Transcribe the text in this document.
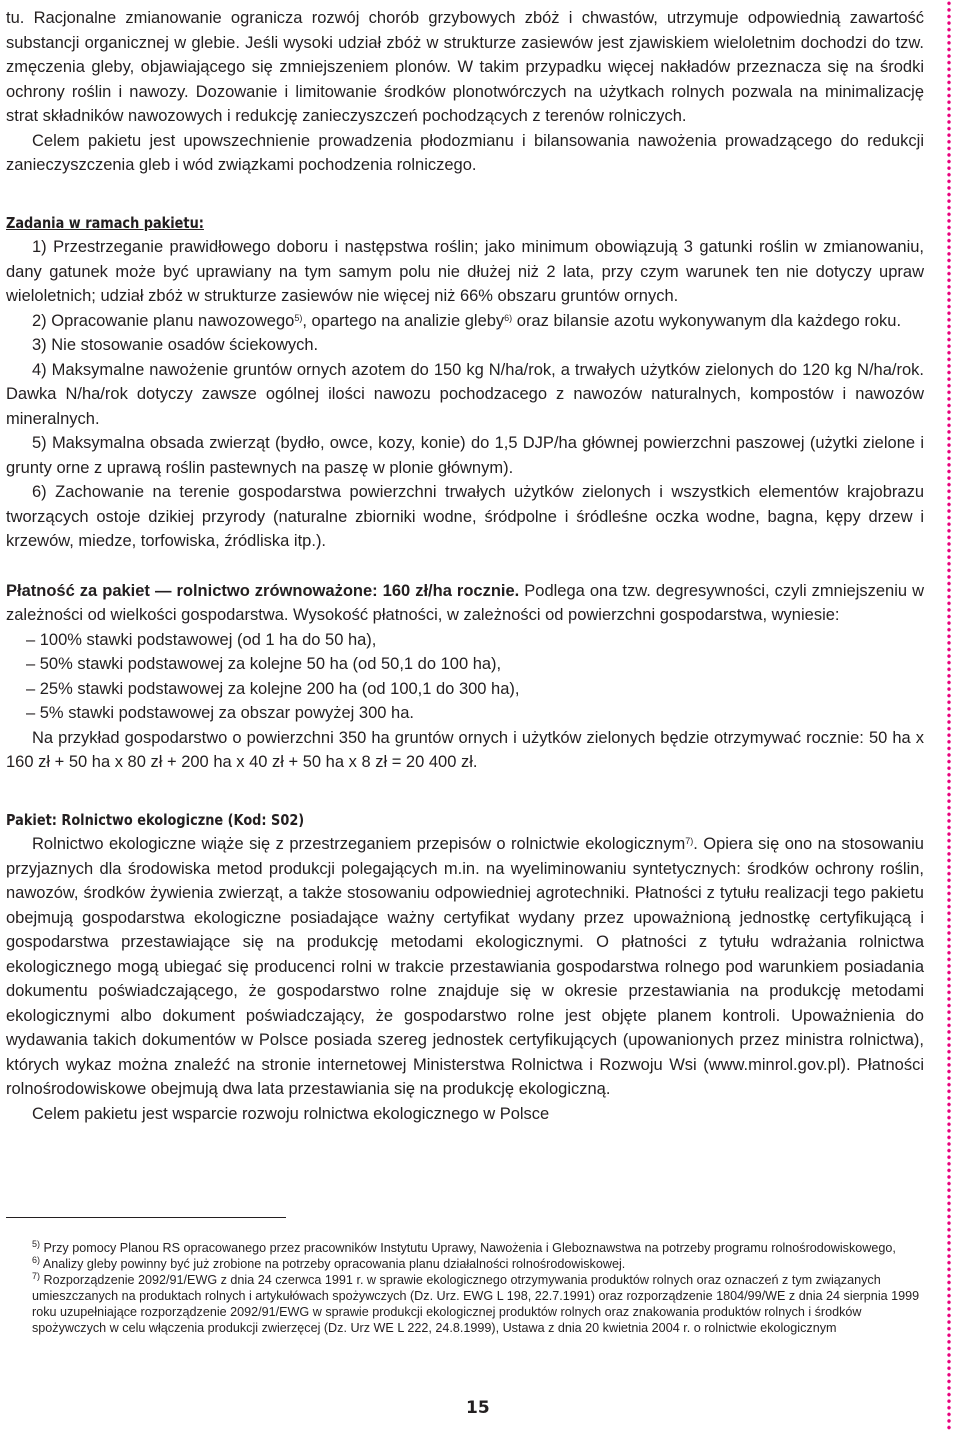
tu. Racjonalne zmianowanie ogranicza rozwój chorób grzybowych zbóż i chwastów, utrzymuje odpowiednią zawartość substancji organicznej w glebie. Jeśli wysoki udział zbóż w strukturze zasiewów jest zjawiskiem wieloletnim dochodzi do tzw. zmęczenia gleby, objawiającego się zmniejszeniem plonów. W takim przypadku więcej nakładów przeznacza się na środki ochrony roślin i nawozy. Dozowanie i limitowanie środków plonotwórczych na użytkach rolnych pozwala na minimalizację strat składników nawozowych i redukcję zanieczyszczeń pochodzących z terenów rolniczych.

Celem pakietu jest upowszechnienie prowadzenia płodozmianu i bilansowania nawożenia prowadzącego do redukcji zanieczyszczenia gleb i wód związkami pochodzenia rolniczego.

Zadania w ramach pakietu:

1) Przestrzeganie prawidłowego doboru i następstwa roślin; jako minimum obowiązują 3 gatunki roślin w zmianowaniu, dany gatunek może być uprawiany na tym samym polu nie dłużej niż 2 lata, przy czym warunek ten nie dotyczy upraw wieloletnich; udział zbóż w strukturze zasiewów nie więcej niż 66% obszaru gruntów ornych.

2) Opracowanie planu nawozowego$^{5)}$, opartego na analizie gleby$^{6)}$ oraz bilansie azotu wykonywanym dla każdego roku.

3) Nie stosowanie osadów ściekowych.

4) Maksymalne nawożenie gruntów ornych azotem do 150 kg N/ha/rok, a trwałych użytków zielonych do 120 kg N/ha/rok. Dawka N/ha/rok dotyczy zawsze ogólnej ilości nawozu pochodzacego z nawozów naturalnych, kompostów i nawozów mineralnych.

5) Maksymalna obsada zwierząt (bydło, owce, kozy, konie) do 1,5 DJP/ha głównej powierzchni paszowej (użytki zielone i grunty orne z uprawą roślin pastewnych na paszę w plonie głównym).

6) Zachowanie na terenie gospodarstwa powierzchni trwałych użytków zielonych i wszystkich elementów krajobrazu tworzących ostoje dzikiej przyrody (naturalne zbiorniki wodne, śródpolne i śródleśne oczka wodne, bagna, kępy drzew i krzewów, miedze, torfowiska, źródliska itp.).

Płatność za pakiet — rolnictwo zrównoważone: 160 zł/ha rocznie. Podlega ona tzw. degresywności, czyli zmniejszeniu w zależności od wielkości gospodarstwa. Wysokość płatności, w zależności od powierzchni gospodarstwa, wyniesie:

– 100% stawki podstawowej (od 1 ha do 50 ha),

– 50% stawki podstawowej za kolejne 50 ha (od 50,1 do 100 ha),

– 25% stawki podstawowej za kolejne 200 ha (od 100,1 do 300 ha),

– 5% stawki podstawowej za obszar powyżej 300 ha.

Na przykład gospodarstwo o powierzchni 350 ha gruntów ornych i użytków zielonych będzie otrzymywać rocznie: 50 ha x 160 zł + 50 ha x 80 zł + 200 ha x 40 zł + 50 ha x 8 zł = 20 400 zł.

Pakiet: Rolnictwo ekologiczne (Kod: S02)

Rolnictwo ekologiczne wiąże się z przestrzeganiem przepisów o rolnictwie ekologicznym$^{7)}$. Opiera się ono na stosowaniu przyjaznych dla środowiska metod produkcji polegających m.in. na wyeliminowaniu syntetycznych: środków ochrony roślin, nawozów, środków żywienia zwierząt, a także stosowaniu odpowiedniej agrotechniki. Płatności z tytułu realizacji tego pakietu obejmują gospodarstwa ekologiczne posiadające ważny certyfikat wydany przez upoważnioną jednostkę certyfikującą i gospodarstwa przestawiające się na produkcję metodami ekologicznymi. O płatności z tytułu wdrażania rolnictwa ekologicznego mogą ubiegać się producenci rolni w trakcie przestawiania gospodarstwa rolnego pod warunkiem posiadania dokumentu poświadczającego, że gospodarstwo rolne znajduje się w okresie przestawiania na produkcję metodami ekologicznymi albo dokument poświadczający, że gospodarstwo rolne jest objęte planem kontroli. Upoważnienia do wydawania takich dokumentów w Polsce posiada szereg jednostek certyfikujących (upowanionych przez ministra rolnictwa), których wykaz można znaleźć na stronie internetowej Ministerstwa Rolnictwa i Rozwoju Wsi (www.minrol.gov.pl). Płatności rolnośrodowiskowe obejmują dwa lata przestawiania się na produkcję ekologiczną.

Celem pakietu jest wsparcie rozwoju rolnictwa ekologicznego w Polsce

$^{5)}$ Przy pomocy Planou RS opracowanego przez pracowników Instytutu Uprawy, Nawożenia i Gleboznawstwa na potrzeby programu rolnośrodowiskowego,

$^{6)}$ Analizy gleby powinny być już zrobione na potrzeby opracowania planu działalności rolnośrodowiskowej.

$^{7)}$ Rozporządzenie 2092/91/EWG z dnia 24 czerwca 1991 r. w sprawie ekologicznego otrzymywania produktów rolnych oraz oznaczeń z tym związanych umieszczanych na produktach rolnych i artykułówach spożywczych (Dz. Urz. EWG L 198, 22.7.1991) oraz rozporządzenie 1804/99/WE z dnia 24 sierpnia 1999 roku uzupełniające rozporządzenie 2092/91/EWG w sprawie produkcji ekologicznej produktów rolnych oraz znakowania produktów rolnych i środków spożywczych w celu włączenia produkcji zwierzęcej (Dz. Urz WE L 222, 24.8.1999), Ustawa z dnia 20 kwietnia 2004 r. o rolnictwie ekologicznym

15
